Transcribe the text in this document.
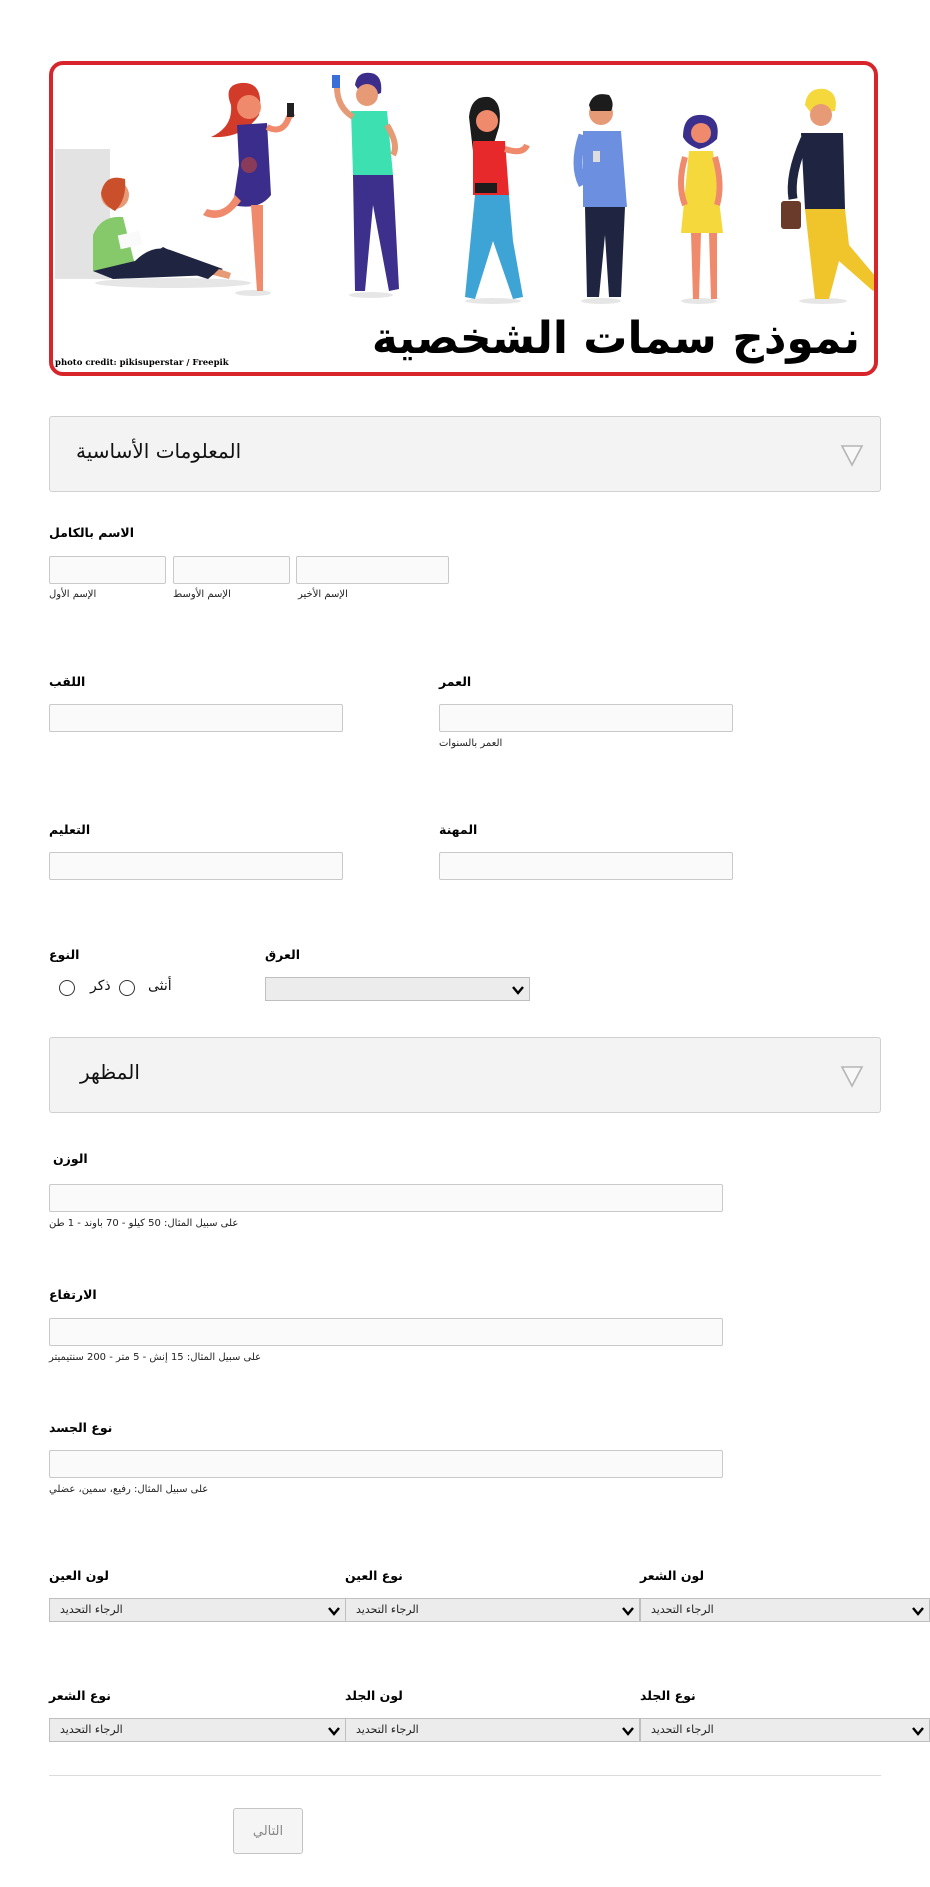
نموذج سمات الشخصية
photo credit: pikisuperstar / Freepik
المعلومات الأساسية
الاسم بالكامل
الإسم الأول	الإسم الأوسط	الإسم الأخير
اللقب	العمر
العمر بالسنوات
التعليم	المهنة
النوع
ذكر	أنثى
العرق
المظهر
الوزن
على سبيل المثال: 50 كيلو - 70 باوند - 1 طن
الارتفاع
على سبيل المثال: 15 إنش - 5 متر - 200 سنتيميتر
نوع الجسد
على سبيل المثال: رفيع، سمين، عضلي
لون العين
الرجاء التحديد
نوع العين
الرجاء التحديد
لون الشعر
الرجاء التحديد
نوع الشعر
الرجاء التحديد
لون الجلد
الرجاء التحديد
نوع الجلد
الرجاء التحديد
التالي
